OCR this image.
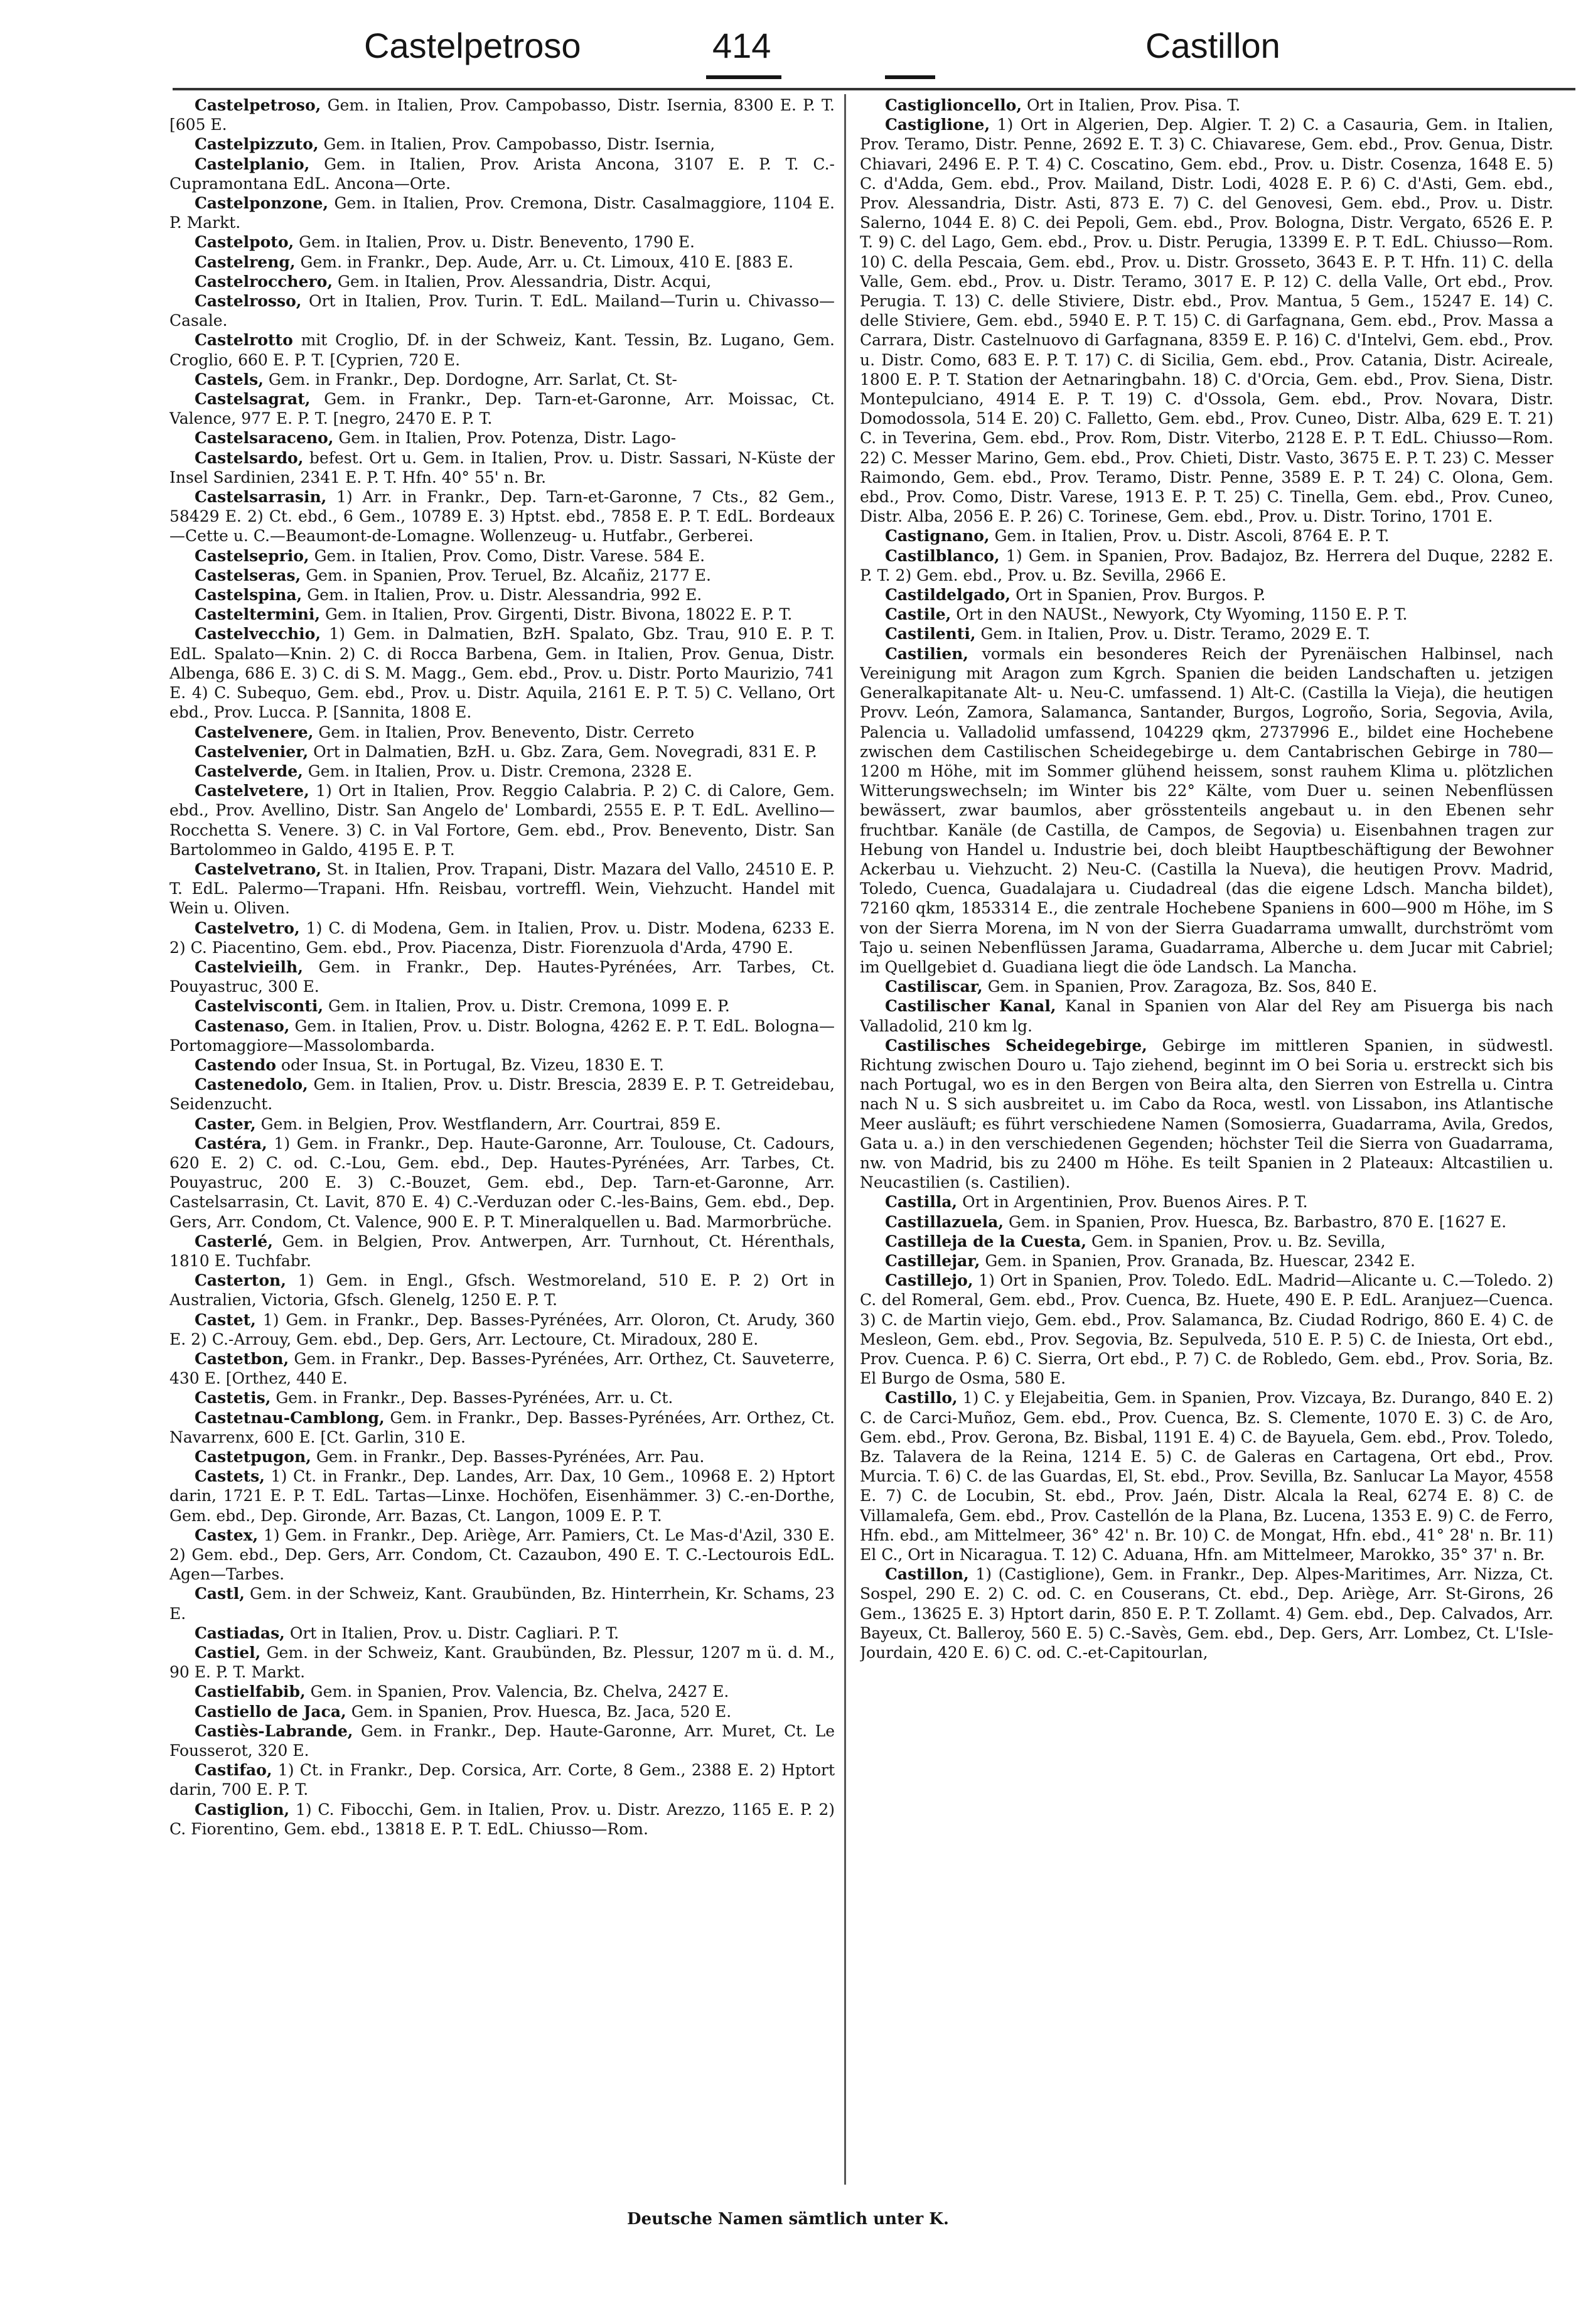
Castelpetroso	414	Castillon

Castelpetroso, Gem. in Italien, Prov. Campobasso, Distr. Isernia, 8300 E. P. T. [605 E.

Castelpizzuto, Gem. in Italien, Prov. Campobasso, Distr. Isernia,

Castelplanio, Gem. in Italien, Prov. Arista Ancona, 3107 E. P. T. C.-Cupramontana EdL. Ancona—Orte.

Castelponzone, Gem. in Italien, Prov. Cremona, Distr. Casalmaggiore, 1104 E. P. Markt.

Castelpoto, Gem. in Italien, Prov. u. Distr. Benevento, 1790 E.

Castelreng, Gem. in Frankr., Dep. Aude, Arr. u. Ct. Limoux, 410 E. [883 E.

Castelrocchero, Gem. in Italien, Prov. Alessandria, Distr. Acqui,

Castelrosso, Ort in Italien, Prov. Turin. T. EdL. Mailand—Turin u. Chivasso—Casale.

Castelrotto mit Croglio, Df. in der Schweiz, Kant. Tessin, Bz. Lugano, Gem. Croglio, 660 E. P. T. [Cyprien, 720 E.

Castels, Gem. in Frankr., Dep. Dordogne, Arr. Sarlat, Ct. St-

Castelsagrat, Gem. in Frankr., Dep. Tarn-et-Garonne, Arr. Moissac, Ct. Valence, 977 E. P. T. [negro, 2470 E. P. T.

Castelsaraceno, Gem. in Italien, Prov. Potenza, Distr. Lago-

Castelsardo, befest. Ort u. Gem. in Italien, Prov. u. Distr. Sassari, N-Küste der Insel Sardinien, 2341 E. P. T. Hfn. 40° 55' n. Br.

Castelsarrasin, 1) Arr. in Frankr., Dep. Tarn-et-Garonne, 7 Cts., 82 Gem., 58429 E. 2) Ct. ebd., 6 Gem., 10789 E. 3) Hptst. ebd., 7858 E. P. T. EdL. Bordeaux—Cette u. C.—Beaumont-de-Lomagne. Wollenzeug- u. Hutfabr., Gerberei.

Castelseprio, Gem. in Italien, Prov. Como, Distr. Varese. 584 E.

Castelseras, Gem. in Spanien, Prov. Teruel, Bz. Alcañiz, 2177 E.

Castelspina, Gem. in Italien, Prov. u. Distr. Alessandria, 992 E.

Casteltermini, Gem. in Italien, Prov. Girgenti, Distr. Bivona, 18022 E. P. T.

Castelvecchio, 1) Gem. in Dalmatien, BzH. Spalato, Gbz. Trau, 910 E. P. T. EdL. Spalato—Knin. 2) C. di Rocca Barbena, Gem. in Italien, Prov. Genua, Distr. Albenga, 686 E. 3) C. di S. M. Magg., Gem. ebd., Prov. u. Distr. Porto Maurizio, 741 E. 4) C. Subequo, Gem. ebd., Prov. u. Distr. Aquila, 2161 E. P. T. 5) C. Vellano, Ort ebd., Prov. Lucca. P. [Sannita, 1808 E.

Castelvenere, Gem. in Italien, Prov. Benevento, Distr. Cerreto

Castelvenier, Ort in Dalmatien, BzH. u. Gbz. Zara, Gem. Novegradi, 831 E. P.

Castelverde, Gem. in Italien, Prov. u. Distr. Cremona, 2328 E.

Castelvetere, 1) Ort in Italien, Prov. Reggio Calabria. P. 2) C. di Calore, Gem. ebd., Prov. Avellino, Distr. San Angelo de' Lombardi, 2555 E. P. T. EdL. Avellino—Rocchetta S. Venere. 3) C. in Val Fortore, Gem. ebd., Prov. Benevento, Distr. San Bartolommeo in Galdo, 4195 E. P. T.

Castelvetrano, St. in Italien, Prov. Trapani, Distr. Mazara del Vallo, 24510 E. P. T. EdL. Palermo—Trapani. Hfn. Reisbau, vortreffl. Wein, Viehzucht. Handel mit Wein u. Oliven.

Castelvetro, 1) C. di Modena, Gem. in Italien, Prov. u. Distr. Modena, 6233 E. 2) C. Piacentino, Gem. ebd., Prov. Piacenza, Distr. Fiorenzuola d'Arda, 4790 E.

Castelvieilh, Gem. in Frankr., Dep. Hautes-Pyrénées, Arr. Tarbes, Ct. Pouyastruc, 300 E.

Castelvisconti, Gem. in Italien, Prov. u. Distr. Cremona, 1099 E. P.

Castenaso, Gem. in Italien, Prov. u. Distr. Bologna, 4262 E. P. T. EdL. Bologna—Portomaggiore—Massolombarda.

Castendo oder Insua, St. in Portugal, Bz. Vizeu, 1830 E. T.

Castenedolo, Gem. in Italien, Prov. u. Distr. Brescia, 2839 E. P. T. Getreidebau, Seidenzucht.

Caster, Gem. in Belgien, Prov. Westflandern, Arr. Courtrai, 859 E.

Castéra, 1) Gem. in Frankr., Dep. Haute-Garonne, Arr. Toulouse, Ct. Cadours, 620 E. 2) C. od. C.-Lou, Gem. ebd., Dep. Hautes-Pyrénées, Arr. Tarbes, Ct. Pouyastruc, 200 E. 3) C.-Bouzet, Gem. ebd., Dep. Tarn-et-Garonne, Arr. Castelsarrasin, Ct. Lavit, 870 E. 4) C.-Verduzan oder C.-les-Bains, Gem. ebd., Dep. Gers, Arr. Condom, Ct. Valence, 900 E. P. T. Mineralquellen u. Bad. Marmorbrüche.

Casterlé, Gem. in Belgien, Prov. Antwerpen, Arr. Turnhout, Ct. Hérenthals, 1810 E. Tuchfabr.

Casterton, 1) Gem. in Engl., Gfsch. Westmoreland, 510 E. P. 2) Ort in Australien, Victoria, Gfsch. Glenelg, 1250 E. P. T.

Castet, 1) Gem. in Frankr., Dep. Basses-Pyrénées, Arr. Oloron, Ct. Arudy, 360 E. 2) C.-Arrouy, Gem. ebd., Dep. Gers, Arr. Lectoure, Ct. Miradoux, 280 E.

Castetbon, Gem. in Frankr., Dep. Basses-Pyrénées, Arr. Orthez, Ct. Sauveterre, 430 E. [Orthez, 440 E.

Castetis, Gem. in Frankr., Dep. Basses-Pyrénées, Arr. u. Ct.

Castetnau-Camblong, Gem. in Frankr., Dep. Basses-Pyrénées, Arr. Orthez, Ct. Navarrenx, 600 E. [Ct. Garlin, 310 E.

Castetpugon, Gem. in Frankr., Dep. Basses-Pyrénées, Arr. Pau.

Castets, 1) Ct. in Frankr., Dep. Landes, Arr. Dax, 10 Gem., 10968 E. 2) Hptort darin, 1721 E. P. T. EdL. Tartas—Linxe. Hochöfen, Eisenhämmer. 3) C.-en-Dorthe, Gem. ebd., Dep. Gironde, Arr. Bazas, Ct. Langon, 1009 E. P. T.

Castex, 1) Gem. in Frankr., Dep. Ariège, Arr. Pamiers, Ct. Le Mas-d'Azil, 330 E. 2) Gem. ebd., Dep. Gers, Arr. Condom, Ct. Cazaubon, 490 E. T. C.-Lectourois EdL. Agen—Tarbes.

Castl, Gem. in der Schweiz, Kant. Graubünden, Bz. Hinterrhein, Kr. Schams, 23 E.

Castiadas, Ort in Italien, Prov. u. Distr. Cagliari. P. T.

Castiel, Gem. in der Schweiz, Kant. Graubünden, Bz. Plessur, 1207 m ü. d. M., 90 E. P. T. Markt.

Castielfabib, Gem. in Spanien, Prov. Valencia, Bz. Chelva, 2427 E.

Castiello de Jaca, Gem. in Spanien, Prov. Huesca, Bz. Jaca, 520 E.

Castiès-Labrande, Gem. in Frankr., Dep. Haute-Garonne, Arr. Muret, Ct. Le Fousserot, 320 E.

Castifao, 1) Ct. in Frankr., Dep. Corsica, Arr. Corte, 8 Gem., 2388 E. 2) Hptort darin, 700 E. P. T.

Castiglion, 1) C. Fibocchi, Gem. in Italien, Prov. u. Distr. Arezzo, 1165 E. P. 2) C. Fiorentino, Gem. ebd., 13818 E. P. T. EdL. Chiusso—Rom.

Castiglioncello, Ort in Italien, Prov. Pisa. T.

Castiglione, 1) Ort in Algerien, Dep. Algier. T. 2) C. a Casauria, Gem. in Italien, Prov. Teramo, Distr. Penne, 2692 E. T. 3) C. Chiavarese, Gem. ebd., Prov. Genua, Distr. Chiavari, 2496 E. P. T. 4) C. Coscatino, Gem. ebd., Prov. u. Distr. Cosenza, 1648 E. 5) C. d'Adda, Gem. ebd., Prov. Mailand, Distr. Lodi, 4028 E. P. 6) C. d'Asti, Gem. ebd., Prov. Alessandria, Distr. Asti, 873 E. 7) C. del Genovesi, Gem. ebd., Prov. u. Distr. Salerno, 1044 E. 8) C. dei Pepoli, Gem. ebd., Prov. Bologna, Distr. Vergato, 6526 E. P. T. 9) C. del Lago, Gem. ebd., Prov. u. Distr. Perugia, 13399 E. P. T. EdL. Chiusso—Rom. 10) C. della Pescaia, Gem. ebd., Prov. u. Distr. Grosseto, 3643 E. P. T. Hfn. 11) C. della Valle, Gem. ebd., Prov. u. Distr. Teramo, 3017 E. P. 12) C. della Valle, Ort ebd., Prov. Perugia. T. 13) C. delle Stiviere, Distr. ebd., Prov. Mantua, 5 Gem., 15247 E. 14) C. delle Stiviere, Gem. ebd., 5940 E. P. T. 15) C. di Garfagnana, Gem. ebd., Prov. Massa a Carrara, Distr. Castelnuovo di Garfagnana, 8359 E. P. 16) C. d'Intelvi, Gem. ebd., Prov. u. Distr. Como, 683 E. P. T. 17) C. di Sicilia, Gem. ebd., Prov. Catania, Distr. Acireale, 1800 E. P. T. Station der Aetnaringbahn. 18) C. d'Orcia, Gem. ebd., Prov. Siena, Distr. Montepulciano, 4914 E. P. T. 19) C. d'Ossola, Gem. ebd., Prov. Novara, Distr. Domodossola, 514 E. 20) C. Falletto, Gem. ebd., Prov. Cuneo, Distr. Alba, 629 E. T. 21) C. in Teverina, Gem. ebd., Prov. Rom, Distr. Viterbo, 2128 E. P. T. EdL. Chiusso—Rom. 22) C. Messer Marino, Gem. ebd., Prov. Chieti, Distr. Vasto, 3675 E. P. T. 23) C. Messer Raimondo, Gem. ebd., Prov. Teramo, Distr. Penne, 3589 E. P. T. 24) C. Olona, Gem. ebd., Prov. Como, Distr. Varese, 1913 E. P. T. 25) C. Tinella, Gem. ebd., Prov. Cuneo, Distr. Alba, 2056 E. P. 26) C. Torinese, Gem. ebd., Prov. u. Distr. Torino, 1701 E.

Castignano, Gem. in Italien, Prov. u. Distr. Ascoli, 8764 E. P. T.

Castilblanco, 1) Gem. in Spanien, Prov. Badajoz, Bz. Herrera del Duque, 2282 E. P. T. 2) Gem. ebd., Prov. u. Bz. Sevilla, 2966 E.

Castildelgado, Ort in Spanien, Prov. Burgos. P.

Castile, Ort in den NAUSt., Newyork, Cty Wyoming, 1150 E. P. T.

Castilenti, Gem. in Italien, Prov. u. Distr. Teramo, 2029 E. T.

Castilien, vormals ein besonderes Reich der Pyrenäischen Halbinsel, nach Vereinigung mit Aragon zum Kgrch. Spanien die beiden Landschaften u. jetzigen Generalkapitanate Alt- u. Neu-C. umfassend. 1) Alt-C. (Castilla la Vieja), die heutigen Provv. León, Zamora, Salamanca, Santander, Burgos, Logroño, Soria, Segovia, Avila, Palencia u. Valladolid umfassend, 104229 qkm, 2737996 E., bildet eine Hochebene zwischen dem Castilischen Scheidegebirge u. dem Cantabrischen Gebirge in 780—1200 m Höhe, mit im Sommer glühend heissem, sonst rauhem Klima u. plötzlichen Witterungswechseln; im Winter bis 22° Kälte, vom Duer u. seinen Nebenflüssen bewässert, zwar baumlos, aber grösstenteils angebaut u. in den Ebenen sehr fruchtbar. Kanäle (de Castilla, de Campos, de Segovia) u. Eisenbahnen tragen zur Hebung von Handel u. Industrie bei, doch bleibt Hauptbeschäftigung der Bewohner Ackerbau u. Viehzucht. 2) Neu-C. (Castilla la Nueva), die heutigen Provv. Madrid, Toledo, Cuenca, Guadalajara u. Ciudadreal (das die eigene Ldsch. Mancha bildet), 72160 qkm, 1853314 E., die zentrale Hochebene Spaniens in 600—900 m Höhe, im S von der Sierra Morena, im N von der Sierra Guadarrama umwallt, durchströmt vom Tajo u. seinen Nebenflüssen Jarama, Guadarrama, Alberche u. dem Jucar mit Cabriel; im Quellgebiet d. Guadiana liegt die öde Landsch. La Mancha.

Castiliscar, Gem. in Spanien, Prov. Zaragoza, Bz. Sos, 840 E.

Castilischer Kanal, Kanal in Spanien von Alar del Rey am Pisuerga bis nach Valladolid, 210 km lg.

Castilisches Scheidegebirge, Gebirge im mittleren Spanien, in südwestl. Richtung zwischen Douro u. Tajo ziehend, beginnt im O bei Soria u. erstreckt sich bis nach Portugal, wo es in den Bergen von Beira alta, den Sierren von Estrella u. Cintra nach N u. S sich ausbreitet u. im Cabo da Roca, westl. von Lissabon, ins Atlantische Meer ausläuft; es führt verschiedene Namen (Somosierra, Guadarrama, Avila, Gredos, Gata u. a.) in den verschiedenen Gegenden; höchster Teil die Sierra von Guadarrama, nw. von Madrid, bis zu 2400 m Höhe. Es teilt Spanien in 2 Plateaux: Altcastilien u. Neucastilien (s. Castilien).

Castilla, Ort in Argentinien, Prov. Buenos Aires. P. T.

Castillazuela, Gem. in Spanien, Prov. Huesca, Bz. Barbastro, 870 E. [1627 E.

Castilleja de la Cuesta, Gem. in Spanien, Prov. u. Bz. Sevilla,

Castillejar, Gem. in Spanien, Prov. Granada, Bz. Huescar, 2342 E.

Castillejo, 1) Ort in Spanien, Prov. Toledo. EdL. Madrid—Alicante u. C.—Toledo. 2) C. del Romeral, Gem. ebd., Prov. Cuenca, Bz. Huete, 490 E. P. EdL. Aranjuez—Cuenca. 3) C. de Martin viejo, Gem. ebd., Prov. Salamanca, Bz. Ciudad Rodrigo, 860 E. 4) C. de Mesleon, Gem. ebd., Prov. Segovia, Bz. Sepulveda, 510 E. P. 5) C. de Iniesta, Ort ebd., Prov. Cuenca. P. 6) C. Sierra, Ort ebd., P. 7) C. de Robledo, Gem. ebd., Prov. Soria, Bz. El Burgo de Osma, 580 E.

Castillo, 1) C. y Elejabeitia, Gem. in Spanien, Prov. Vizcaya, Bz. Durango, 840 E. 2) C. de Carci-Muñoz, Gem. ebd., Prov. Cuenca, Bz. S. Clemente, 1070 E. 3) C. de Aro, Gem. ebd., Prov. Gerona, Bz. Bisbal, 1191 E. 4) C. de Bayuela, Gem. ebd., Prov. Toledo, Bz. Talavera de la Reina, 1214 E. 5) C. de Galeras en Cartagena, Ort ebd., Prov. Murcia. T. 6) C. de las Guardas, El, St. ebd., Prov. Sevilla, Bz. Sanlucar La Mayor, 4558 E. 7) C. de Locubin, St. ebd., Prov. Jaén, Distr. Alcala la Real, 6274 E. 8) C. de Villamalefa, Gem. ebd., Prov. Castellón de la Plana, Bz. Lucena, 1353 E. 9) C. de Ferro, Hfn. ebd., am Mittelmeer, 36° 42' n. Br. 10) C. de Mongat, Hfn. ebd., 41° 28' n. Br. 11) El C., Ort in Nicaragua. T. 12) C. Aduana, Hfn. am Mittelmeer, Marokko, 35° 37' n. Br.

Castillon, 1) (Castiglione), Gem. in Frankr., Dep. Alpes-Maritimes, Arr. Nizza, Ct. Sospel, 290 E. 2) C. od. C. en Couserans, Ct. ebd., Dep. Ariège, Arr. St-Girons, 26 Gem., 13625 E. 3) Hptort darin, 850 E. P. T. Zollamt. 4) Gem. ebd., Dep. Calvados, Arr. Bayeux, Ct. Balleroy, 560 E. 5) C.-Savès, Gem. ebd., Dep. Gers, Arr. Lombez, Ct. L'Isle-Jourdain, 420 E. 6) C. od. C.-et-Capitourlan,

Deutsche Namen sämtlich unter K.
